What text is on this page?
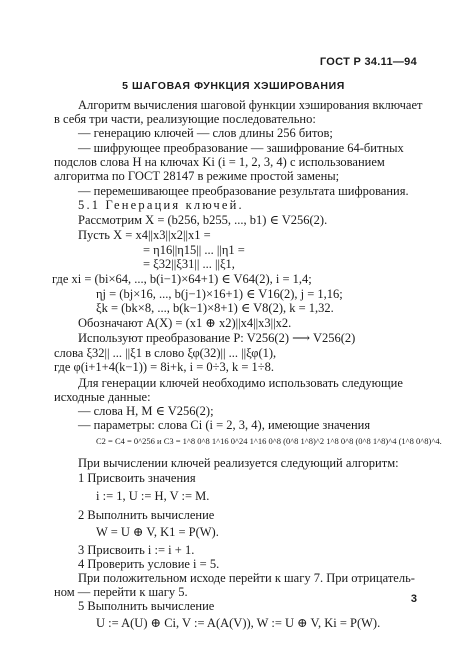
ГОСТ Р 34.11—94
5 ШАГОВАЯ ФУНКЦИЯ ХЭШИРОВАНИЯ
Алгоритм вычисления шаговой функции хэширования включает
в себя три части, реализующие последовательно:
— генерацию ключей — слов длины 256 битов;
— шифрующее преобразование — зашифрование 64-битных
подслов слова H на ключах Ki (i = 1, 2, 3, 4) с использованием
алгоритма по ГОСТ 28147 в режиме простой замены;
— перемешивающее преобразование результата шифрования.
5.1 Генерация ключей.
Рассмотрим X = (b256, b255, ..., b1) ∈ V256(2).
Пусть X = x4||x3||x2||x1 =
= η16||η15|| ... ||η1 =
= ξ32||ξ31|| ... ||ξ1,
где xi = (bi×64, ..., b(i−1)×64+1) ∈ V64(2), i = 1,4;
ηj = (bj×16, ..., b(j−1)×16+1) ∈ V16(2), j = 1,16;
ξk = (bk×8, ..., b(k−1)×8+1) ∈ V8(2), k = 1,32.
Обозначают A(X) = (x1 ⊕ x2)||x4||x3||x2.
Используют преобразование P: V256(2) ⟶ V256(2)
слова ξ32|| ... ||ξ1 в слово ξφ(32)|| ... ||ξφ(1),
где φ(i+1+4(k−1)) = 8i+k, i = 0÷3, k = 1÷8.
Для генерации ключей необходимо использовать следующие
исходные данные:
— слова H, M ∈ V256(2);
— параметры: слова Ci (i = 2, 3, 4), имеющие значения
C2 = C4 = 0^256 и C3 = 1^8 0^8 1^16 0^24 1^16 0^8 (0^8 1^8)^2 1^8 0^8 (0^8 1^8)^4 (1^8 0^8)^4.
При вычислении ключей реализуется следующий алгоритм:
1 Присвоить значения
i := 1, U := H, V := M.
2 Выполнить вычисление
W = U ⊕ V, K1 = P(W).
3 Присвоить i := i + 1.
4 Проверить условие i = 5.
При положительном исходе перейти к шагу 7. При отрицатель-
ном — перейти к шагу 5.
5 Выполнить вычисление
U := A(U) ⊕ Ci, V := A(A(V)), W := U ⊕ V, Ki = P(W).
3
